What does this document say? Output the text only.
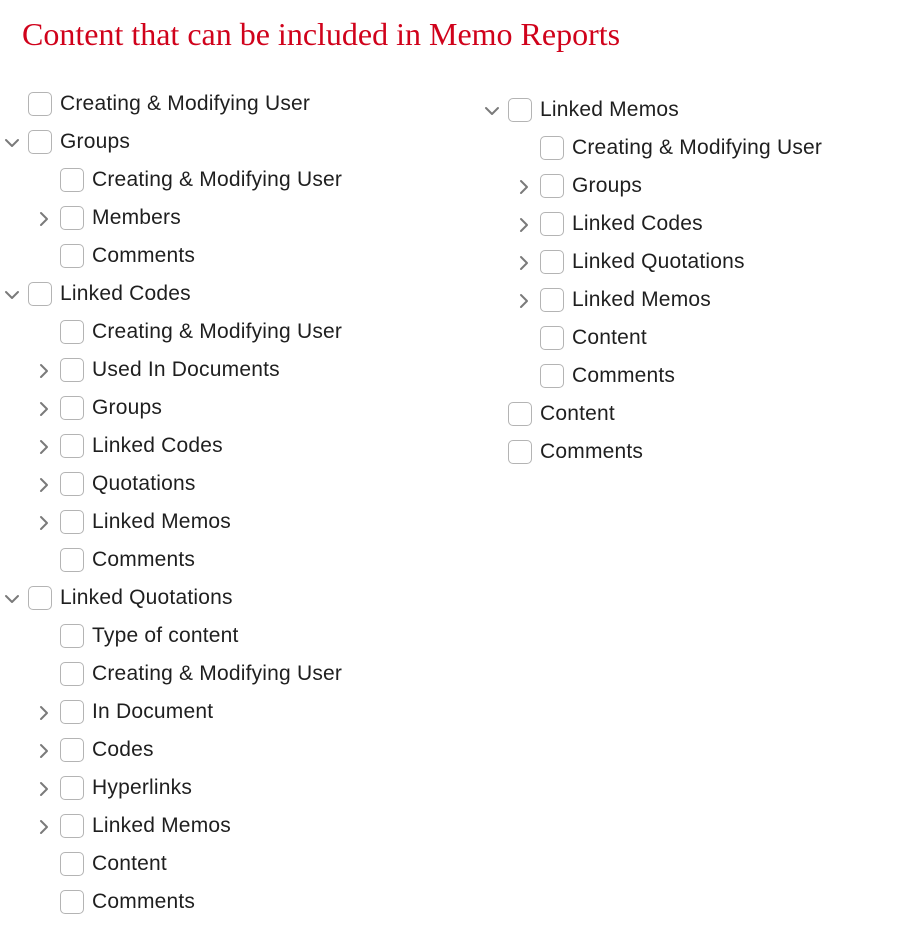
Content that can be included in Memo Reports
Creating & Modifying User
Groups
Creating & Modifying User
Members
Comments
Linked Codes
Creating & Modifying User
Used In Documents
Groups
Linked Codes
Quotations
Linked Memos
Comments
Linked Quotations
Type of content
Creating & Modifying User
In Document
Codes
Hyperlinks
Linked Memos
Content
Comments
Linked Memos
Creating & Modifying User
Groups
Linked Codes
Linked Quotations
Linked Memos
Content
Comments
Content
Comments
